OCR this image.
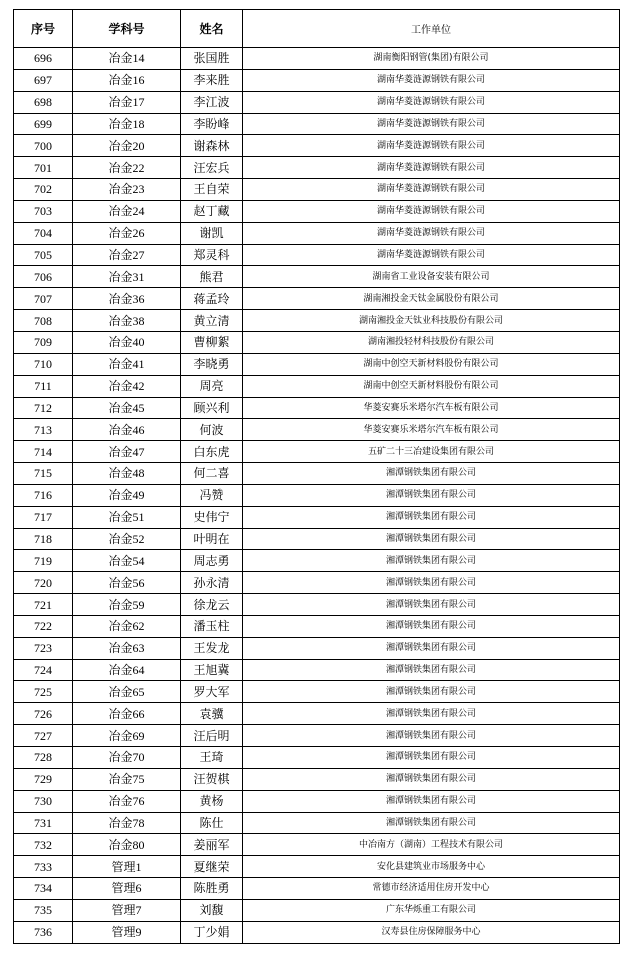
序号	学科号	姓名	工作单位
696	冶金14	张国胜	湖南衡阳钢管(集团)有限公司
697	冶金16	李来胜	湖南华菱涟源钢铁有限公司
698	冶金17	李江波	湖南华菱涟源钢铁有限公司
699	冶金18	李盼峰	湖南华菱涟源钢铁有限公司
700	冶金20	谢森林	湖南华菱涟源钢铁有限公司
701	冶金22	汪宏兵	湖南华菱涟源钢铁有限公司
702	冶金23	王自荣	湖南华菱涟源钢铁有限公司
703	冶金24	赵丁藏	湖南华菱涟源钢铁有限公司
704	冶金26	谢凯	湖南华菱涟源钢铁有限公司
705	冶金27	郑灵科	湖南华菱涟源钢铁有限公司
706	冶金31	熊君	湖南省工业设备安装有限公司
707	冶金36	蒋孟玲	湖南湘投金天钛金属股份有限公司
708	冶金38	黄立清	湖南湘投金天钛业科技股份有限公司
709	冶金40	曹柳絮	湖南湘投轻材科技股份有限公司
710	冶金41	李晓勇	湖南中创空天新材料股份有限公司
711	冶金42	周亮	湖南中创空天新材料股份有限公司
712	冶金45	顾兴利	华菱安赛乐米塔尔汽车板有限公司
713	冶金46	何波	华菱安赛乐米塔尔汽车板有限公司
714	冶金47	白东虎	五矿二十三冶建设集团有限公司
715	冶金48	何二喜	湘潭钢铁集团有限公司
716	冶金49	冯赞	湘潭钢铁集团有限公司
717	冶金51	史伟宁	湘潭钢铁集团有限公司
718	冶金52	叶明在	湘潭钢铁集团有限公司
719	冶金54	周志勇	湘潭钢铁集团有限公司
720	冶金56	孙永清	湘潭钢铁集团有限公司
721	冶金59	徐龙云	湘潭钢铁集团有限公司
722	冶金62	潘玉柱	湘潭钢铁集团有限公司
723	冶金63	王发龙	湘潭钢铁集团有限公司
724	冶金64	王旭冀	湘潭钢铁集团有限公司
725	冶金65	罗大军	湘潭钢铁集团有限公司
726	冶金66	袁骥	湘潭钢铁集团有限公司
727	冶金69	汪后明	湘潭钢铁集团有限公司
728	冶金70	王琦	湘潭钢铁集团有限公司
729	冶金75	汪贺棋	湘潭钢铁集团有限公司
730	冶金76	黄杨	湘潭钢铁集团有限公司
731	冶金78	陈仕	湘潭钢铁集团有限公司
732	冶金80	姜丽军	中冶南方（湖南）工程技术有限公司
733	管理1	夏继荣	安化县建筑业市场服务中心
734	管理6	陈胜勇	常德市经济适用住房开发中心
735	管理7	刘馥	广东华烁重工有限公司
736	管理9	丁少娟	汉寿县住房保障服务中心
